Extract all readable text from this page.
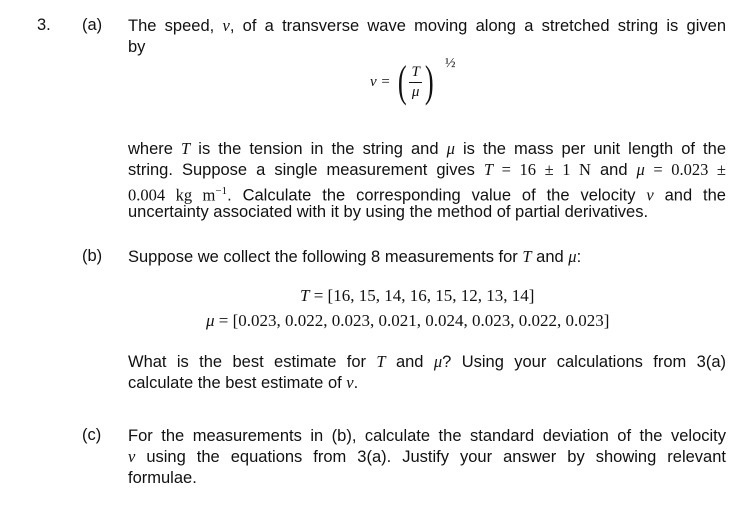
3. (a)
(b)
(c)
The speed, v, of a transverse wave moving along a stretched string is given
by
v = ( $\frac{T}{\mu}$ ) ½
where T is the tension in the string and μ is the mass per unit length of the
string. Suppose a single measurement gives T = 16 ± 1 N and μ = 0.023 ±
0.004 kg $m^{-1}$. Calculate the corresponding value of the velocity v and the
uncertainty associated with it by using the method of partial derivatives.
Suppose we collect the following 8 measurements for T and μ:
T = [16, 15, 14, 16, 15, 12, 13, 14]
μ = [0.023, 0.022, 0.023, 0.021, 0.024, 0.023, 0.022, 0.023]
What is the best estimate for T and μ? Using your calculations from 3(a)
calculate the best estimate of v.
For the measurements in (b), calculate the standard deviation of the velocity
v using the equations from 3(a). Justify your answer by showing relevant
formulae.
